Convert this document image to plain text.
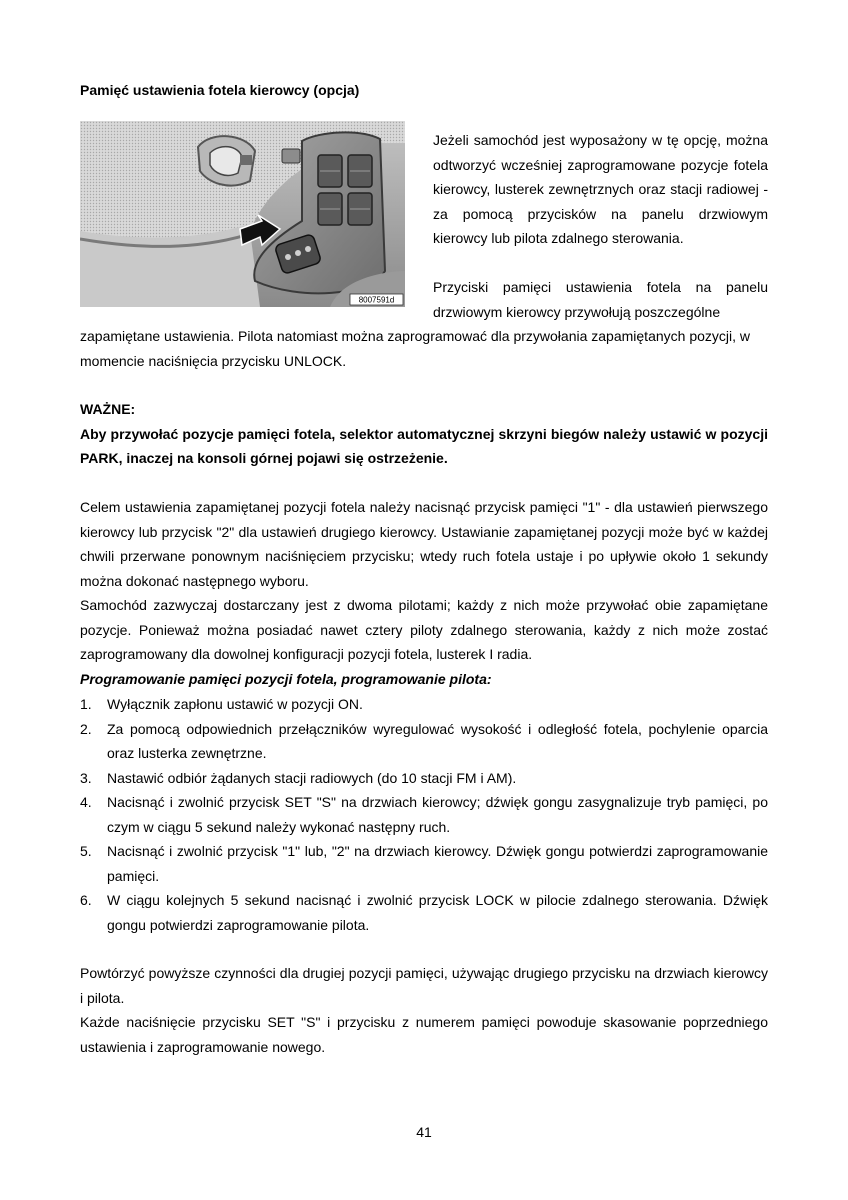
Pamięć ustawienia fotela kierowcy (opcja)
8007591d

Jeżeli samochód jest wyposażony w tę opcję, można odtworzyć wcześniej zaprogramowane pozycje fotela kierowcy, lusterek zewnętrznych oraz stacji radiowej - za pomocą przycisków na panelu drzwiowym kierowcy lub pilota zdalnego sterowania.

Przyciski pamięci ustawienia fotela na panelu drzwiowym kierowcy przywołują poszczególne

zapamiętane ustawienia. Pilota natomiast można zaprogramować dla przywołania zapamiętanych pozycji, w momencie naciśnięcia przycisku UNLOCK.

WAŻNE:

Aby przywołać pozycje pamięci fotela, selektor automatycznej skrzyni biegów należy ustawić w pozycji PARK, inaczej na konsoli górnej pojawi się ostrzeżenie.

Celem ustawienia zapamiętanej pozycji fotela należy nacisnąć przycisk pamięci "1" - dla ustawień pierwszego kierowcy lub przycisk "2" dla ustawień drugiego kierowcy. Ustawianie zapamiętanej pozycji może być w każdej chwili przerwane ponownym naciśnięciem przycisku; wtedy ruch fotela ustaje i po upływie około 1 sekundy można dokonać następnego wyboru.

Samochód zazwyczaj dostarczany jest z dwoma pilotami; każdy z nich może przywołać obie zapamiętane pozycje. Ponieważ można posiadać nawet cztery piloty zdalnego sterowania, każdy z nich może zostać zaprogramowany dla dowolnej konfiguracji pozycji fotela, lusterek I radia.

Programowanie pamięci pozycji fotela, programowanie pilota:

1. Wyłącznik zapłonu ustawić w pozycji ON.
2. Za pomocą odpowiednich przełączników wyregulować wysokość i odległość fotela, pochylenie oparcia oraz lusterka zewnętrzne.
3. Nastawić odbiór żądanych stacji radiowych (do 10 stacji FM i AM).
4. Nacisnąć i zwolnić przycisk SET "S" na drzwiach kierowcy; dźwięk gongu zasygnalizuje tryb pamięci, po czym w ciągu 5 sekund należy wykonać następny ruch.
5. Nacisnąć i zwolnić przycisk "1" lub, "2" na drzwiach kierowcy. Dźwięk gongu potwierdzi zaprogramowanie pamięci.
6. W ciągu kolejnych 5 sekund nacisnąć i zwolnić przycisk LOCK w pilocie zdalnego sterowania. Dźwięk gongu potwierdzi zaprogramowanie pilota.

Powtórzyć powyższe czynności dla drugiej pozycji pamięci, używając drugiego przycisku na drzwiach kierowcy i pilota.

Każde naciśnięcie przycisku SET "S" i przycisku z numerem pamięci powoduje skasowanie poprzedniego ustawienia i zaprogramowanie nowego.

41
